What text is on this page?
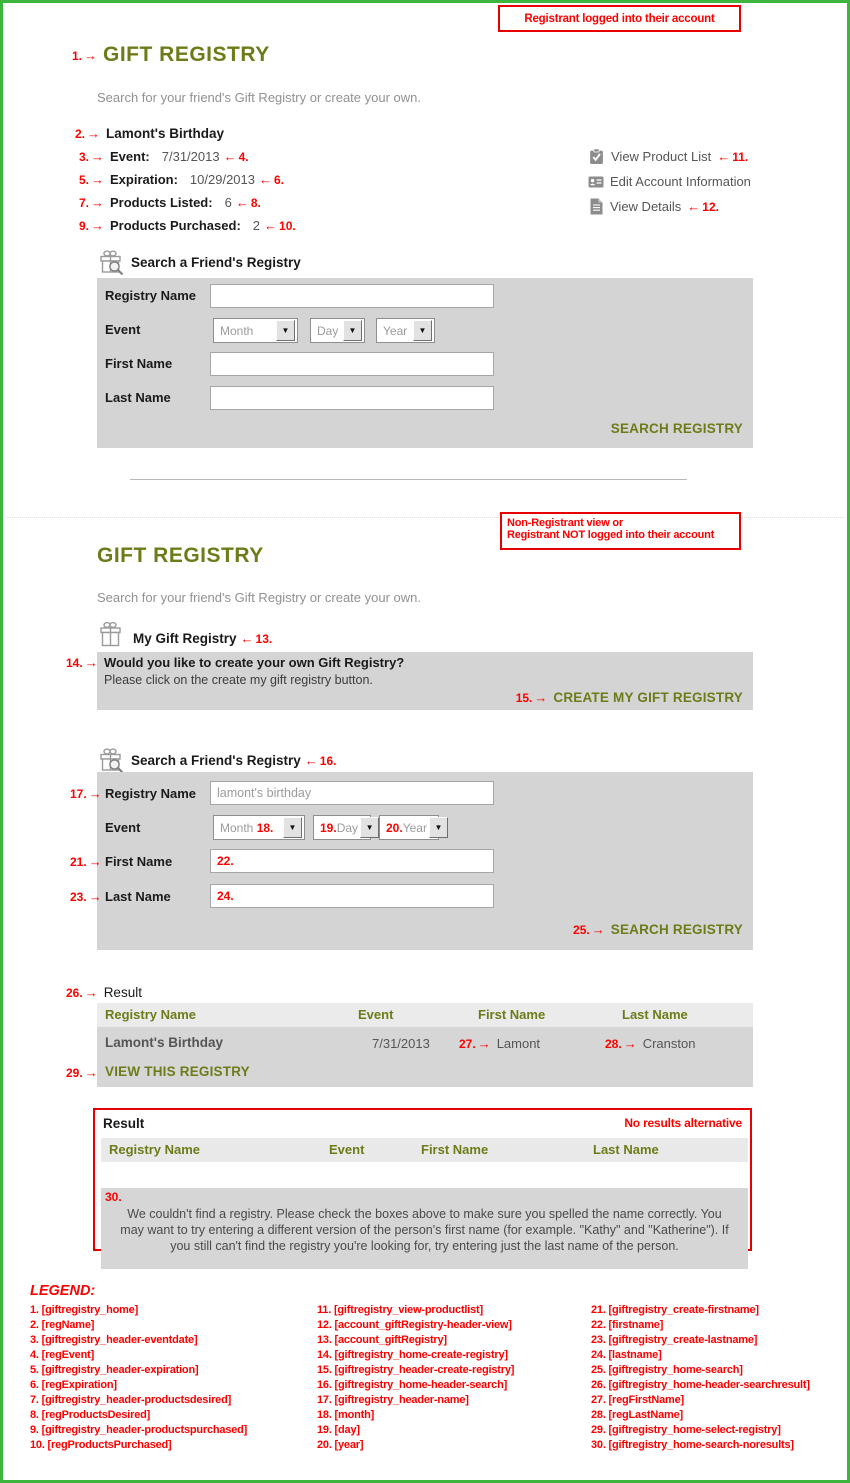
Registrant logged into their account
1. → GIFT REGISTRY
Search for your friend's Gift Registry or create your own.
2. → Lamont's Birthday
3. → Event: 7/31/2013 ← 4.
5. → Expiration: 10/29/2013 ← 6.
7. → Products Listed: 6 ← 8.
9. → Products Purchased: 2 ← 10.
View Product List ← 11.
Edit Account Information
View Details ← 12.
Search a Friend's Registry
Registry Name
Event	Month	▼	Day	▼	Year	▼
First Name
Last Name
SEARCH REGISTRY
Non-Registrant view or
Registrant NOT logged into their account
GIFT REGISTRY
Search for your friend's Gift Registry or create your own.
My Gift Registry ← 13.
14. → Would you like to create your own Gift Registry?
Please click on the create my gift registry button.
15. → CREATE MY GIFT REGISTRY
Search a Friend's Registry ← 16.
17. → Registry Name
lamont's birthday
Event	Month 18.	▼	19.Day ▼	20.Year ▼
21. → First Name	22.
23. → Last Name	24.
25. → SEARCH REGISTRY
26. → Result
Registry Name	Event	First Name	Last Name
Lamont's Birthday	7/31/2013 27. → Lamont	28. → Cranston
29. → VIEW THIS REGISTRY
Result	No results alternative
Registry Name	Event	First Name	Last Name
30.

We couldn't find a registry. Please check the boxes above to make sure you spelled the name correctly. You may want to try entering a different version of the person's first name (for example. "Kathy" and "Katherine"). If you still can't find the registry you're looking for, try entering just the last name of the person.

LEGEND:
1. [giftregistry_home]
2. [regName]
3. [giftregistry_header-eventdate]
4. [regEvent]
5. [giftregistry_header-expiration]
6. [regExpiration]
7. [giftregistry_header-productsdesired]
8. [regProductsDesired]
9. [giftregistry_header-productspurchased]
10. [regProductsPurchased]
11. [giftregistry_view-productlist]
12. [account_giftRegistry-header-view]
13. [account_giftRegistry]
14. [giftregistry_home-create-registry]
15. [giftregistry_header-create-registry]
16. [giftregistry_home-header-search]
17. [giftregistry_header-name]
18. [month]
19. [day]
20. [year]
21. [giftregistry_create-firstname]
22. [firstname]
23. [giftregistry_create-lastname]
24. [lastname]
25. [giftregistry_home-search]
26. [giftregistry_home-header-searchresult]
27. [regFirstName]
28. [regLastName]
29. [giftregistry_home-select-registry]
30. [giftregistry_home-search-noresults]
